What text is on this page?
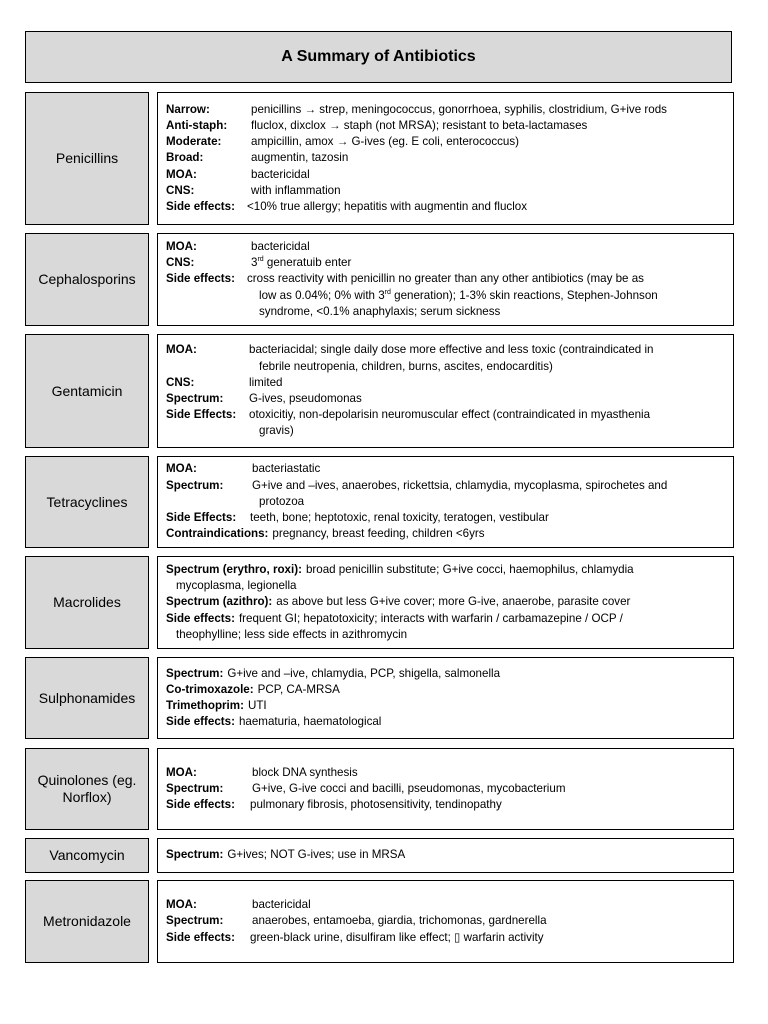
A Summary of Antibiotics
Penicillins
Narrow:	penicillins → strep, meningococcus, gonorrhoea, syphilis, clostridium, G+ive rods
Anti-staph:	fluclox, dixclox → staph (not MRSA); resistant to beta-lactamases
Moderate:	ampicillin, amox → G-ives (eg. E coli, enterococcus)
Broad:	augmentin, tazosin
MOA:	bactericidal
CNS:	with inflammation
Side effects:	<10% true allergy; hepatitis with augmentin and fluclox
Cephalosporins
MOA:	bactericidal
CNS:	3rd generatuib enter
Side effects:	cross reactivity with penicillin no greater than any other antibiotics (may be as
low as 0.04%; 0% with 3rd generation); 1-3% skin reactions, Stephen-Johnson
syndrome, <0.1% anaphylaxis; serum sickness
Gentamicin
MOA:	bacteriacidal; single daily dose more effective and less toxic (contraindicated in
febrile neutropenia, children, burns, ascites, endocarditis)
CNS:	limited
Spectrum:	G-ives, pseudomonas
Side Effects:	otoxicitiy, non-depolarisin neuromuscular effect (contraindicated in myasthenia
gravis)
Tetracyclines
MOA:	bacteriastatic
Spectrum:	G+ive and –ives, anaerobes, rickettsia, chlamydia, mycoplasma, spirochetes and
protozoa
Side Effects:	teeth, bone; heptotoxic, renal toxicity, teratogen, vestibular
Contraindications: pregnancy, breast feeding, children <6yrs
Macrolides
Spectrum (erythro, roxi): broad penicillin substitute; G+ive cocci, haemophilus, chlamydia
mycoplasma, legionella
Spectrum (azithro): as above but less G+ive cover; more G-ive, anaerobe, parasite cover
Side effects: frequent GI; hepatotoxicity; interacts with warfarin / carbamazepine / OCP /
theophylline; less side effects in azithromycin
Sulphonamides
Spectrum: G+ive and –ive, chlamydia, PCP, shigella, salmonella
Co-trimoxazole: PCP, CA-MRSA
Trimethoprim: UTI
Side effects: haematuria, haematological
Quinolones (eg. Norflox)
MOA:	block DNA synthesis
Spectrum:	G+ive, G-ive cocci and bacilli, pseudomonas, mycobacterium
Side effects:	pulmonary fibrosis, photosensitivity, tendinopathy
Vancomycin	Spectrum: G+ives; NOT G-ives; use in MRSA
Metronidazole
MOA:	bactericidal
Spectrum:	anaerobes, entamoeba, giardia, trichomonas, gardnerella
Side effects:	green-black urine, disulfiram like effect; ▯ warfarin activity
